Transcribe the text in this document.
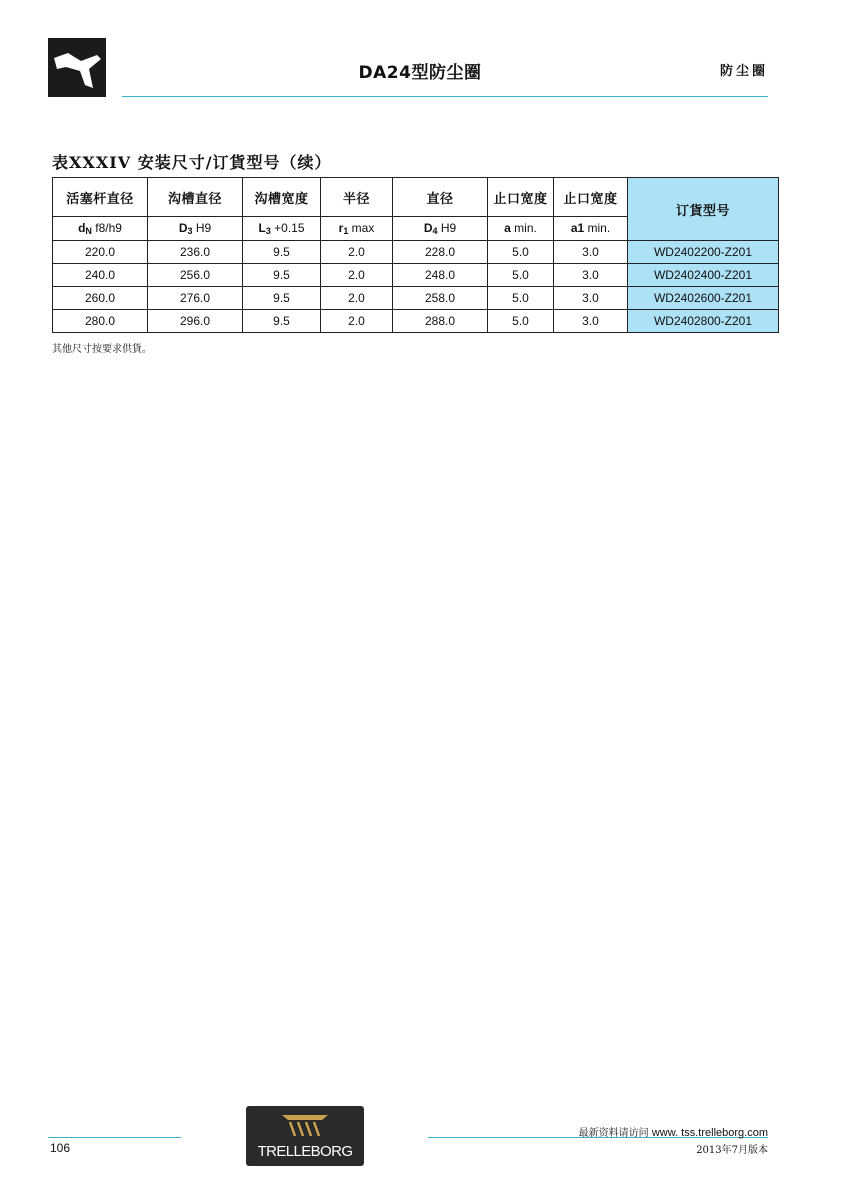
DA24型防尘圈	防尘圈
表XXXIV 安装尺寸/订貨型号（续）
活塞杆直径	沟槽直径	沟槽宽度	半径	直径	止口宽度	止口宽度	订貨型号
$d_N$ f8/h9	$D_3$ H9	$L_3 +0.15$	$r_1$ max	$D_4$ H9	a min.	a1 min.	
220.0	236.0	9.5	2.0	228.0	5.0	3.0	WD2402200-Z201
240.0	256.0	9.5	2.0	248.0	5.0	3.0	WD2402400-Z201
260.0	276.0	9.5	2.0	258.0	5.0	3.0	WD2402600-Z201
280.0	296.0	9.5	2.0	288.0	5.0	3.0	WD2402800-Z201
其他尺寸按要求供貨。
106	TRELLEBORG
最新资料请访问 www. tss.trelleborg.com
2013年7月版本
